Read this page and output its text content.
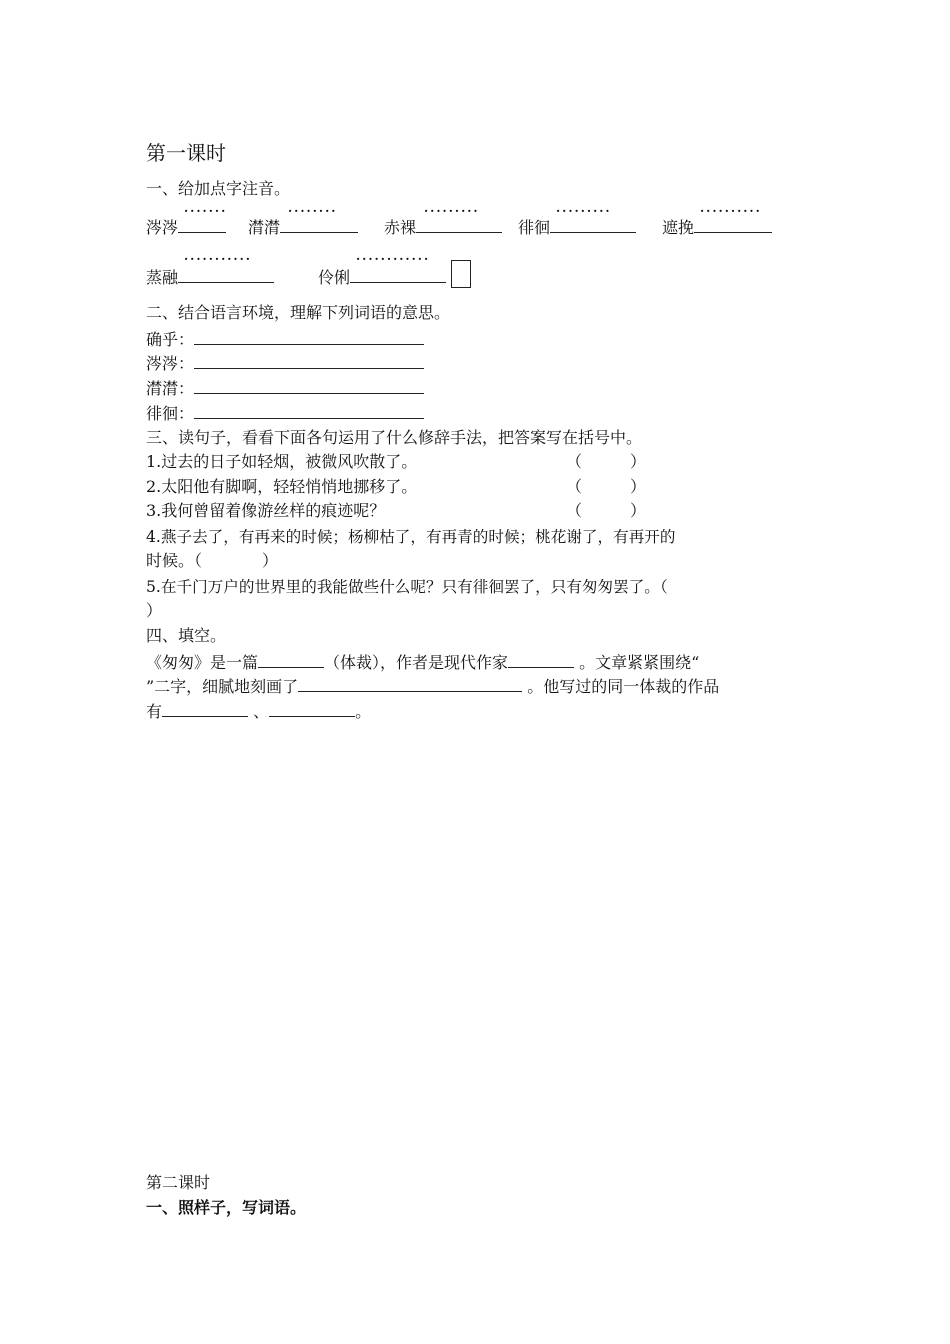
第一课时
一、给加点字注音。
·······	········	·········	·········	··········
涔涔	潸潸	赤裸	徘徊	遮挽
···········	············
蒸融	伶俐
二、结合语言环境，理解下列词语的意思。
确乎：
涔涔：
潸潸：
徘徊：
三、读句子，看看下面各句运用了什么修辞手法，把答案写在括号中。
1.过去的日子如轻烟，被微风吹散了。	（	）
2.太阳他有脚啊，轻轻悄悄地挪移了。	（	）
3.我何曾留着像游丝样的痕迹呢？	（	）
4.燕子去了，有再来的时候；杨柳枯了，有再青的时候；桃花谢了，有再开的
时候。（	）
5.在千门万户的世界里的我能做些什么呢？只有徘徊罢了，只有匆匆罢了。（
）
四、填空。
《匆匆》是一篇	（体裁），作者是现代作家	。文章紧紧围绕“
”二字，细腻地刻画了	。他写过的同一体裁的作品
有	、	。
第二课时
一、照样子，写词语。
